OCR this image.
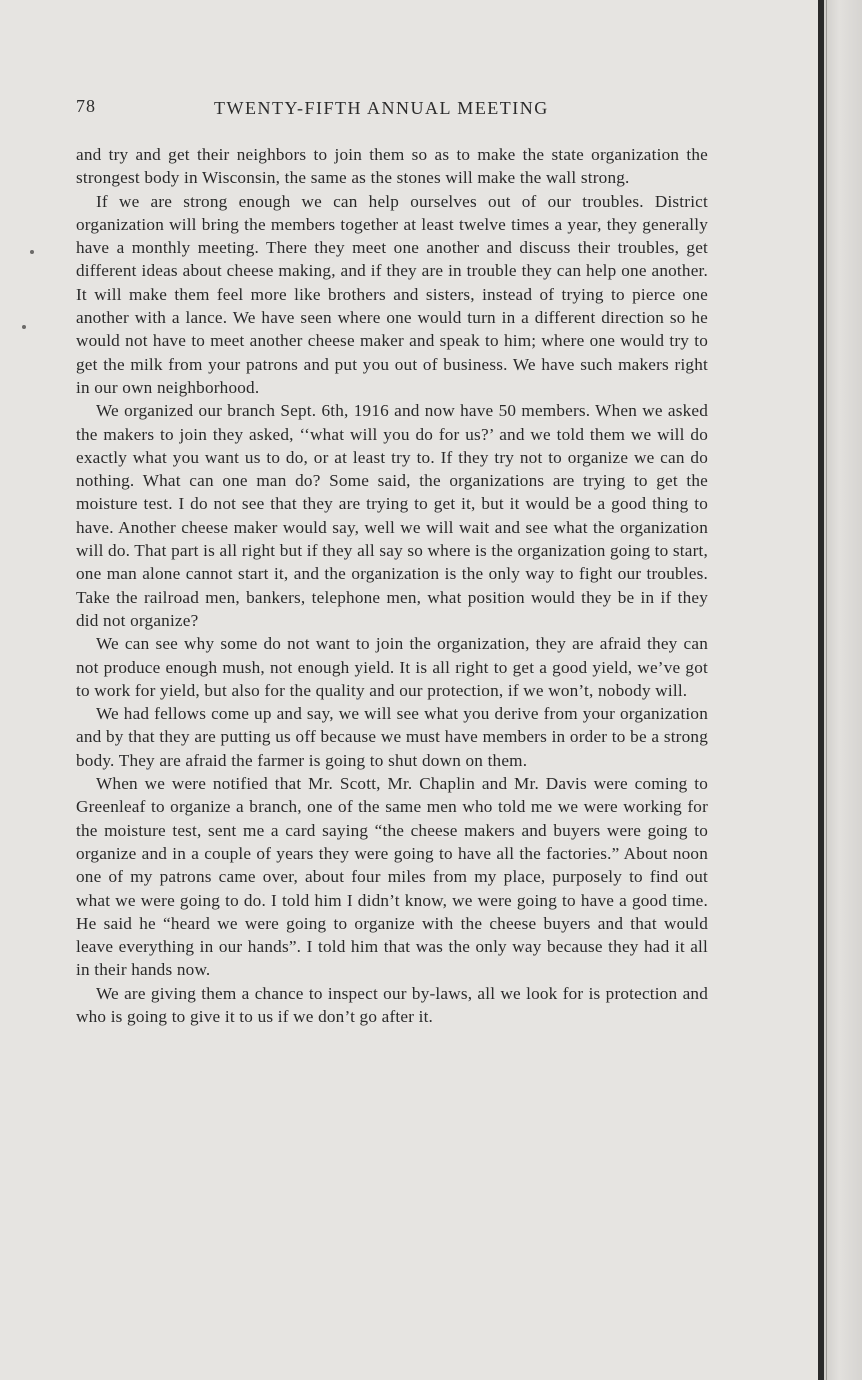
78	TWENTY-FIFTH ANNUAL MEETING

and try and get their neighbors to join them so as to make the state organization the strongest body in Wisconsin, the same as the stones will make the wall strong.

If we are strong enough we can help ourselves out of our troubles. District organization will bring the members together at least twelve times a year, they generally have a monthly meeting. There they meet one another and discuss their troubles, get different ideas about cheese making, and if they are in trouble they can help one another. It will make them feel more like brothers and sisters, instead of trying to pierce one another with a lance. We have seen where one would turn in a different direction so he would not have to meet another cheese maker and speak to him; where one would try to get the milk from your patrons and put you out of business. We have such makers right in our own neighborhood.

We organized our branch Sept. 6th, 1916 and now have 50 members. When we asked the makers to join they asked, ‘‘what will you do for us?’ and we told them we will do exactly what you want us to do, or at least try to. If they try not to organize we can do nothing. What can one man do? Some said, the organizations are trying to get the moisture test. I do not see that they are trying to get it, but it would be a good thing to have. Another cheese maker would say, well we will wait and see what the organization will do. That part is all right but if they all say so where is the organization going to start, one man alone cannot start it, and the organization is the only way to fight our troubles. Take the railroad men, bankers, telephone men, what position would they be in if they did not organize?

We can see why some do not want to join the organization, they are afraid they can not produce enough mush, not enough yield. It is all right to get a good yield, we’ve got to work for yield, but also for the quality and our protection, if we won’t, nobody will.

We had fellows come up and say, we will see what you derive from your organization and by that they are putting us off because we must have members in order to be a strong body. They are afraid the farmer is going to shut down on them.

When we were notified that Mr. Scott, Mr. Chaplin and Mr. Davis were coming to Greenleaf to organize a branch, one of the same men who told me we were working for the moisture test, sent me a card saying “the cheese makers and buyers were going to organize and in a couple of years they were going to have all the factories.” About noon one of my patrons came over, about four miles from my place, purposely to find out what we were going to do. I told him I didn’t know, we were going to have a good time. He said he “heard we were going to organize with the cheese buyers and that would leave everything in our hands”. I told him that was the only way because they had it all in their hands now.

We are giving them a chance to inspect our by-laws, all we look for is protection and who is going to give it to us if we don’t go after it.
